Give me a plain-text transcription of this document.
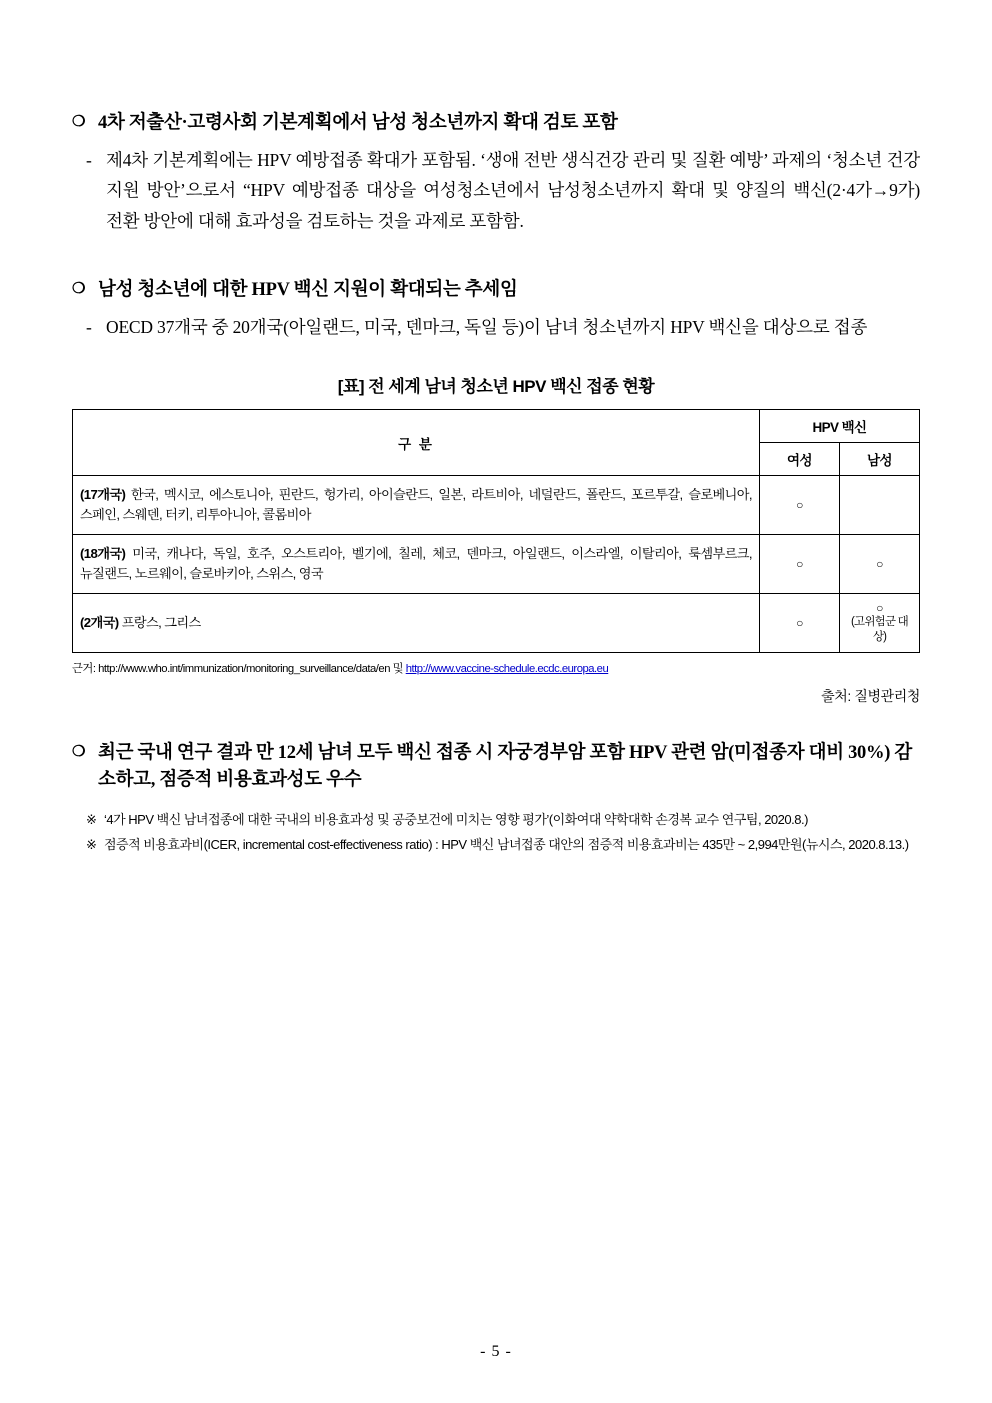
❍ 4차 저출산·고령사회 기본계획에서 남성 청소년까지 확대 검토 포함
- 제4차 기본계획에는 HPV 예방접종 확대가 포함됨. ‘생애 전반 생식건강 관리 및 질환 예방’ 과제의 ‘청소년 건강 지원 방안’으로서 “HPV 예방접종 대상을 여성청소년에서 남성청소년까지 확대 및 양질의 백신(2·4가→9가) 전환 방안에 대해 효과성을 검토하는 것을 과제로 포함함.
❍ 남성 청소년에 대한 HPV 백신 지원이 확대되는 추세임
- OECD 37개국 중 20개국(아일랜드, 미국, 덴마크, 독일 등)이 남녀 청소년까지 HPV 백신을 대상으로 접종
[표] 전 세계 남녀 청소년 HPV 백신 접종 현황
구 분	HPV 백신	
	여성	남성
(17개국) 한국, 멕시코, 에스토니아, 핀란드, 헝가리, 아이슬란드, 일본, 라트비아, 네덜란드, 폴란드, 포르투갈, 슬로베니아, 스페인, 스웨덴, 터키, 리투아니아, 콜롬비아	○	
(18개국) 미국, 캐나다, 독일, 호주, 오스트리아, 벨기에, 칠레, 체코, 덴마크, 아일랜드, 이스라엘, 이탈리아, 룩셈부르크, 뉴질랜드, 노르웨이, 슬로바키아, 스위스, 영국	○	○
(2개국) 프랑스, 그리스	○	○
(고위험군 대상)
근거: http://www.who.int/immunization/monitoring_surveillance/data/en 및 http://www.vaccine-schedule.ecdc.europa.eu
출처: 질병관리청
❍ 최근 국내 연구 결과 만 12세 남녀 모두 백신 접종 시 자궁경부암 포함 HPV 관련 암(미접종자 대비 30%) 감소하고, 점증적 비용효과성도 우수
※ ‘4가 HPV 백신 남녀접종에 대한 국내의 비용효과성 및 공중보건에 미치는 영향 평가’(이화여대 약학대학 손경복 교수 연구팀, 2020.8.)
※ 점증적 비용효과비(ICER, incremental cost-effectiveness ratio) : HPV 백신 남녀접종 대안의 점증적 비용효과비는 435만 ~ 2,994만원(뉴시스, 2020.8.13.)
- 5 -
